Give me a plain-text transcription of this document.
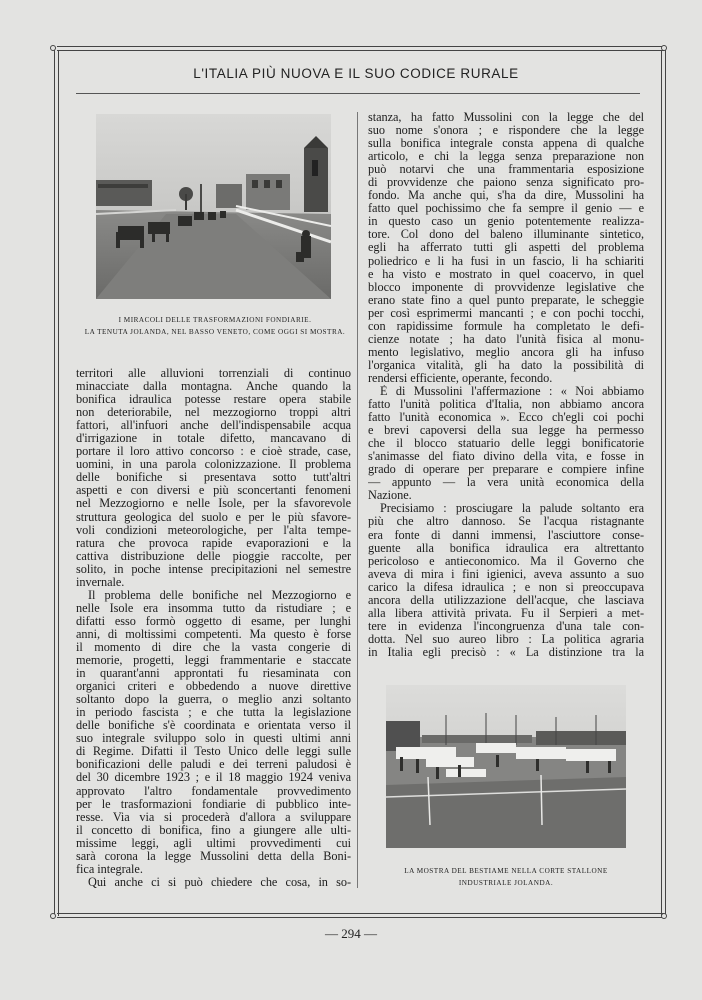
L'ITALIA PIÙ NUOVA E IL SUO CODICE RURALE
I MIRACOLI DELLE TRASFORMAZIONI FONDIARIE.
LA TENUTA JOLANDA, NEL BASSO VENETO, COME OGGI SI MOSTRA.
LA MOSTRA DEL BESTIAME NELLA CORTE STALLONE
INDUSTRIALE JOLANDA.
territori alle alluvioni torrenziali di continuo
minacciate dalla montagna. Anche quando la
bonifica idraulica potesse restare opera stabile
non deteriorabile, nel mezzogiorno troppi altri
fattori, all'infuori anche dell'indispensabile acqua
d'irrigazione in totale difetto, mancavano di
portare il loro attivo concorso : e cioè strade, case,
uomini, in una parola colonizzazione. Il problema
delle bonifiche si presentava sotto tutt'altri
aspetti e con diversi e più sconcertanti fenomeni
nel Mezzogiorno e nelle Isole, per la sfavorevole
struttura geologica del suolo e per le più sfavore-
voli condizioni meteorologiche, per l'alta tempe-
ratura che provoca rapide evaporazioni e la
cattiva distribuzione delle pioggie raccolte, per
solito, in poche intense precipitazioni nel semestre
invernale.
Il problema delle bonifiche nel Mezzogiorno e
nelle Isole era insomma tutto da ristudiare ; e
difatti esso formò oggetto di esame, per lunghi
anni, di moltissimi competenti. Ma questo è forse
il momento di dire che la vasta congerie di
memorie, progetti, leggi frammentarie e staccate
in quarant'anni approntati fu riesaminata con
organici criteri e obbedendo a nuove direttive
soltanto dopo la guerra, o meglio anzi soltanto
in periodo fascista ; e che tutta la legislazione
delle bonifiche s'è coordinata e orientata verso il
suo integrale sviluppo solo in questi ultimi anni
di Regime. Difatti il Testo Unico delle leggi sulle
bonificazioni delle paludi e dei terreni paludosi è
del 30 dicembre 1923 ; e il 18 maggio 1924 veniva
approvato l'altro fondamentale provvedimento
per le trasformazioni fondiarie di pubblico inte-
resse. Via via si procederà d'allora a sviluppare
il concetto di bonifica, fino a giungere alle ulti-
missime leggi, agli ultimi provvedimenti cui
sarà corona la legge Mussolini detta della Boni-
fica integrale.
Qui anche ci si può chiedere che cosa, in so-
stanza, ha fatto Mussolini con la legge che del
suo nome s'onora ; e rispondere che la legge
sulla bonifica integrale consta appena di qualche
articolo, e chi la legga senza preparazione non
può notarvi che una frammentaria esposizione
di provvidenze che paiono senza significato pro-
fondo. Ma anche qui, s'ha da dire, Mussolini ha
fatto quel pochissimo che fa sempre il genio — e
in questo caso un genio potentemente realizza-
tore. Col dono del baleno illuminante sintetico,
egli ha afferrato tutti gli aspetti del problema
poliedrico e li ha fusi in un fascio, li ha schiariti
e ha visto e mostrato in quel coacervo, in quel
blocco imponente di provvidenze legislative che
erano state fino a quel punto preparate, le scheggie
per così esprimermi mancanti ; e con pochi tocchi,
con rapidissime formule ha completato le defi-
cienze notate ; ha dato l'unità fisica al monu-
mento legislativo, meglio ancora gli ha infuso
l'organica vitalità, gli ha dato la possibilità di
rendersi efficiente, operante, fecondo.
È di Mussolini l'affermazione : « Noi abbiamo
fatto l'unità politica d'Italia, non abbiamo ancora
fatto l'unità economica ». Ecco ch'egli coi pochi
e brevi capoversi della sua legge ha permesso
che il blocco statuario delle leggi bonificatorie
s'animasse del fiato divino della vita, e fosse in
grado di operare per preparare e compiere infine
— appunto — la vera unità economica della
Nazione.
Precisiamo : prosciugare la palude soltanto era
più che altro dannoso. Se l'acqua ristagnante
era fonte di danni immensi, l'asciuttore conse-
guente alla bonifica idraulica era altrettanto
pericoloso e antieconomico. Ma il Governo che
aveva di mira i fini igienici, aveva assunto a suo
carico la difesa idraulica ; e non si preoccupava
ancora della utilizzazione dell'acque, che lasciava
alla libera attività privata. Fu il Serpieri a met-
tere in evidenza l'incongruenza d'una tale con-
dotta. Nel suo aureo libro : La politica agraria
in Italia egli precisò : « La distinzione tra la
— 294 —
